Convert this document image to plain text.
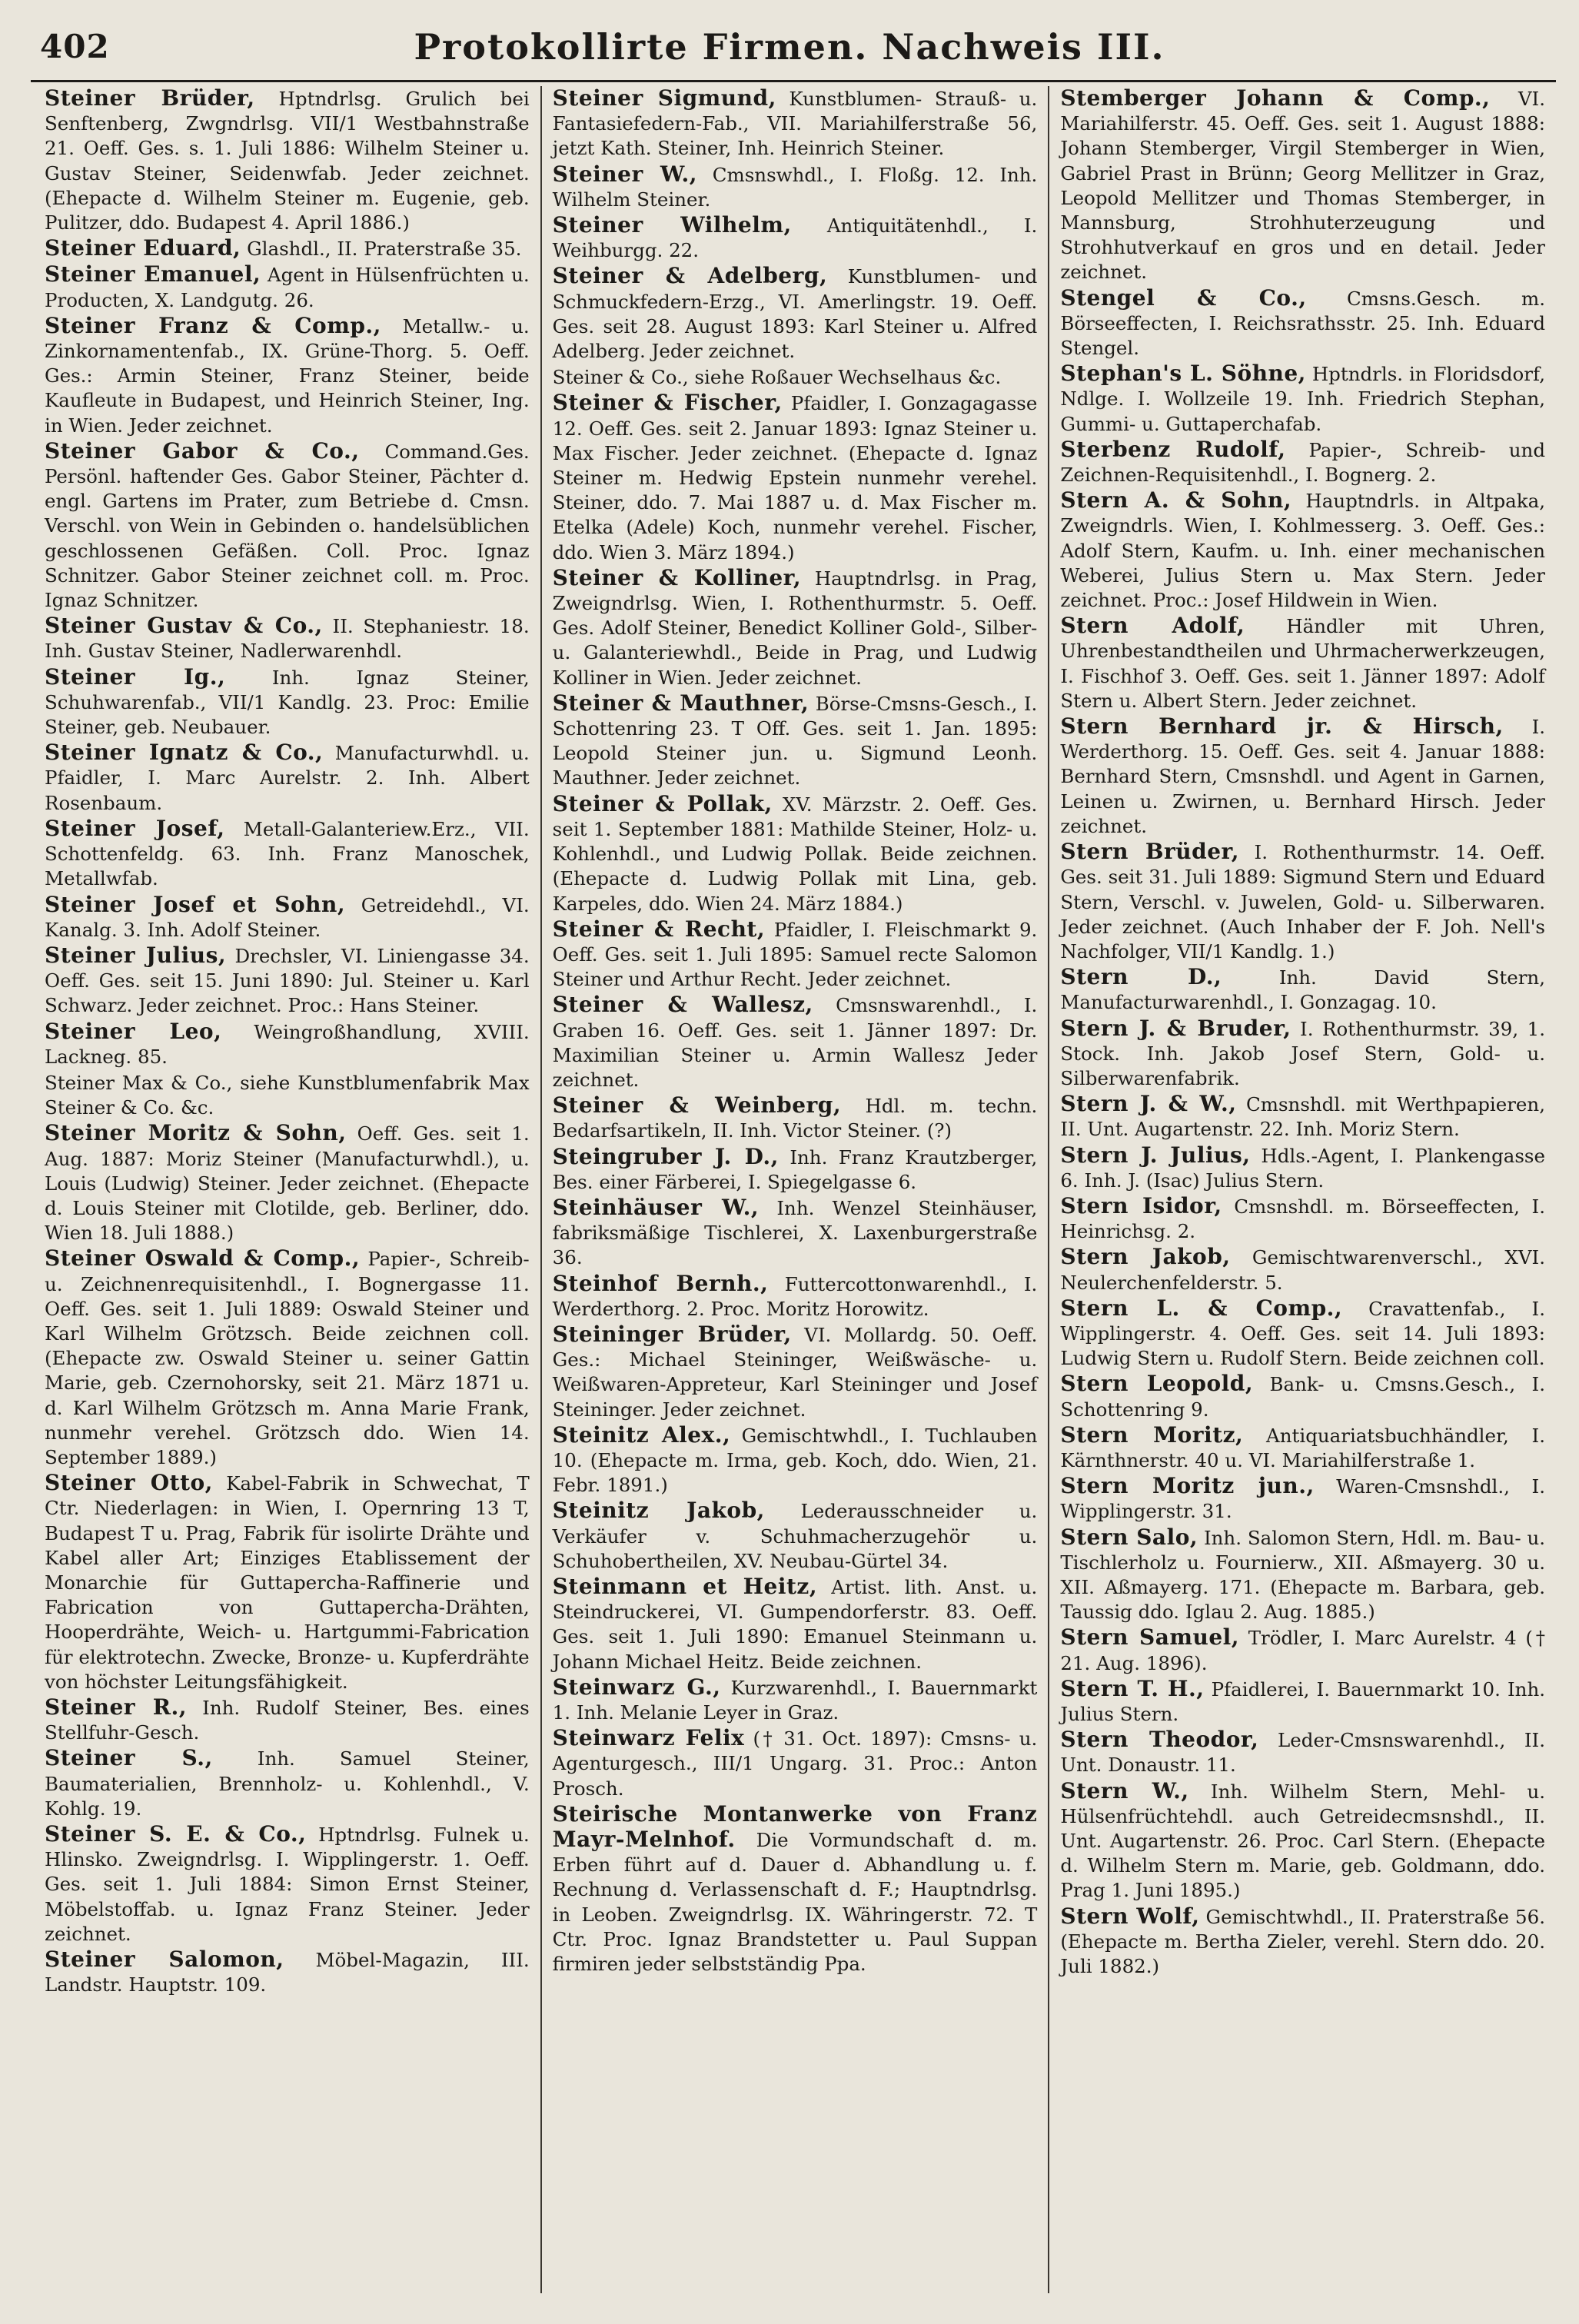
402	Protokollirte Firmen. Nachweis III.

Steiner Brüder, Hptndrlsg. Grulich bei Senftenberg, Zwgndrlsg. VII/1 Westbahnstraße 21. Oeff. Ges. s. 1. Juli 1886: Wilhelm Steiner u. Gustav Steiner, Seidenwfab. Jeder zeichnet. (Ehepacte d. Wilhelm Steiner m. Eugenie, geb. Pulitzer, ddo. Budapest 4. April 1886.)

Steiner Eduard, Glashdl., II. Praterstraße 35.

Steiner Emanuel, Agent in Hülsenfrüchten u. Producten, X. Landgutg. 26.

Steiner Franz & Comp., Metallw.- u. Zinkornamentenfab., IX. Grüne-Thorg. 5. Oeff. Ges.: Armin Steiner, Franz Steiner, beide Kaufleute in Budapest, und Heinrich Steiner, Ing. in Wien. Jeder zeichnet.

Steiner Gabor & Co., Command.Ges. Persönl. haftender Ges. Gabor Steiner, Pächter d. engl. Gartens im Prater, zum Betriebe d. Cmsn. Verschl. von Wein in Gebinden o. handelsüblichen geschlossenen Gefäßen. Coll. Proc. Ignaz Schnitzer. Gabor Steiner zeichnet coll. m. Proc. Ignaz Schnitzer.

Steiner Gustav & Co., II. Stephaniestr. 18. Inh. Gustav Steiner, Nadlerwarenhdl.

Steiner Ig., Inh. Ignaz Steiner, Schuhwarenfab., VII/1 Kandlg. 23. Proc: Emilie Steiner, geb. Neubauer.

Steiner Ignatz & Co., Manufacturwhdl. u. Pfaidler, I. Marc Aurelstr. 2. Inh. Albert Rosenbaum.

Steiner Josef, Metall-Galanteriew.Erz., VII. Schottenfeldg. 63. Inh. Franz Manoschek, Metallwfab.

Steiner Josef et Sohn, Getreidehdl., VI. Kanalg. 3. Inh. Adolf Steiner.

Steiner Julius, Drechsler, VI. Liniengasse 34. Oeff. Ges. seit 15. Juni 1890: Jul. Steiner u. Karl Schwarz. Jeder zeichnet. Proc.: Hans Steiner.

Steiner Leo, Weingroßhandlung, XVIII. Lackneg. 85.

Steiner Max & Co., siehe Kunstblumenfabrik Max Steiner & Co. &c.

Steiner Moritz & Sohn, Oeff. Ges. seit 1. Aug. 1887: Moriz Steiner (Manufacturwhdl.), u. Louis (Ludwig) Steiner. Jeder zeichnet. (Ehepacte d. Louis Steiner mit Clotilde, geb. Berliner, ddo. Wien 18. Juli 1888.)

Steiner Oswald & Comp., Papier-, Schreib- u. Zeichnenrequisitenhdl., I. Bognergasse 11. Oeff. Ges. seit 1. Juli 1889: Oswald Steiner und Karl Wilhelm Grötzsch. Beide zeichnen coll. (Ehepacte zw. Oswald Steiner u. seiner Gattin Marie, geb. Czernohorsky, seit 21. März 1871 u. d. Karl Wilhelm Grötzsch m. Anna Marie Frank, nunmehr verehel. Grötzsch ddo. Wien 14. September 1889.)

Steiner Otto, Kabel-Fabrik in Schwechat, T Ctr. Niederlagen: in Wien, I. Opernring 13 T, Budapest T u. Prag, Fabrik für isolirte Drähte und Kabel aller Art; Einziges Etablissement der Monarchie für Guttapercha-Raffinerie und Fabrication von Guttapercha-Drähten, Hooperdrähte, Weich- u. Hartgummi-Fabrication für elektrotechn. Zwecke, Bronze- u. Kupferdrähte von höchster Leitungsfähigkeit.

Steiner R., Inh. Rudolf Steiner, Bes. eines Stellfuhr-Gesch.

Steiner S., Inh. Samuel Steiner, Baumaterialien, Brennholz- u. Kohlenhdl., V. Kohlg. 19.

Steiner S. E. & Co., Hptndrlsg. Fulnek u. Hlinsko. Zweigndrlsg. I. Wipplingerstr. 1. Oeff. Ges. seit 1. Juli 1884: Simon Ernst Steiner, Möbelstoffab. u. Ignaz Franz Steiner. Jeder zeichnet.

Steiner Salomon, Möbel-Magazin, III. Landstr. Hauptstr. 109.

Steiner Sigmund, Kunstblumen- Strauß- u. Fantasiefedern-Fab., VII. Mariahilferstraße 56, jetzt Kath. Steiner, Inh. Heinrich Steiner.

Steiner W., Cmsnswhdl., I. Floßg. 12. Inh. Wilhelm Steiner.

Steiner Wilhelm, Antiquitätenhdl., I. Weihburgg. 22.

Steiner & Adelberg, Kunstblumen- und Schmuckfedern-Erzg., VI. Amerlingstr. 19. Oeff. Ges. seit 28. August 1893: Karl Steiner u. Alfred Adelberg. Jeder zeichnet.

Steiner & Co., siehe Roßauer Wechselhaus &c.

Steiner & Fischer, Pfaidler, I. Gonzagagasse 12. Oeff. Ges. seit 2. Januar 1893: Ignaz Steiner u. Max Fischer. Jeder zeichnet. (Ehepacte d. Ignaz Steiner m. Hedwig Epstein nunmehr verehel. Steiner, ddo. 7. Mai 1887 u. d. Max Fischer m. Etelka (Adele) Koch, nunmehr verehel. Fischer, ddo. Wien 3. März 1894.)

Steiner & Kolliner, Hauptndrlsg. in Prag, Zweigndrlsg. Wien, I. Rothenthurmstr. 5. Oeff. Ges. Adolf Steiner, Benedict Kolliner Gold-, Silber- u. Galanteriewhdl., Beide in Prag, und Ludwig Kolliner in Wien. Jeder zeichnet.

Steiner & Mauthner, Börse-Cmsns-Gesch., I. Schottenring 23. T Off. Ges. seit 1. Jan. 1895: Leopold Steiner jun. u. Sigmund Leonh. Mauthner. Jeder zeichnet.

Steiner & Pollak, XV. Märzstr. 2. Oeff. Ges. seit 1. September 1881: Mathilde Steiner, Holz- u. Kohlenhdl., und Ludwig Pollak. Beide zeichnen. (Ehepacte d. Ludwig Pollak mit Lina, geb. Karpeles, ddo. Wien 24. März 1884.)

Steiner & Recht, Pfaidler, I. Fleischmarkt 9. Oeff. Ges. seit 1. Juli 1895: Samuel recte Salomon Steiner und Arthur Recht. Jeder zeichnet.

Steiner & Wallesz, Cmsnswarenhdl., I. Graben 16. Oeff. Ges. seit 1. Jänner 1897: Dr. Maximilian Steiner u. Armin Wallesz Jeder zeichnet.

Steiner & Weinberg, Hdl. m. techn. Bedarfsartikeln, II. Inh. Victor Steiner. (?)

Steingruber J. D., Inh. Franz Krautzberger, Bes. einer Färberei, I. Spiegelgasse 6.

Steinhäuser W., Inh. Wenzel Steinhäuser, fabriksmäßige Tischlerei, X. Laxenburgerstraße 36.

Steinhof Bernh., Futtercottonwarenhdl., I. Werderthorg. 2. Proc. Moritz Horowitz.

Steininger Brüder, VI. Mollardg. 50. Oeff. Ges.: Michael Steininger, Weißwäsche- u. Weißwaren-Appreteur, Karl Steininger und Josef Steininger. Jeder zeichnet.

Steinitz Alex., Gemischtwhdl., I. Tuchlauben 10. (Ehepacte m. Irma, geb. Koch, ddo. Wien, 21. Febr. 1891.)

Steinitz Jakob, Lederausschneider u. Verkäufer v. Schuhmacherzugehör u. Schuhobertheilen, XV. Neubau-Gürtel 34.

Steinmann et Heitz, Artist. lith. Anst. u. Steindruckerei, VI. Gumpendorferstr. 83. Oeff. Ges. seit 1. Juli 1890: Emanuel Steinmann u. Johann Michael Heitz. Beide zeichnen.

Steinwarz G., Kurzwarenhdl., I. Bauernmarkt 1. Inh. Melanie Leyer in Graz.

Steinwarz Felix († 31. Oct. 1897): Cmsns- u. Agenturgesch., III/1 Ungarg. 31. Proc.: Anton Prosch.

Steirische Montanwerke von Franz Mayr-Melnhof. Die Vormundschaft d. m. Erben führt auf d. Dauer d. Abhandlung u. f. Rechnung d. Verlassenschaft d. F.; Hauptndrlsg. in Leoben. Zweigndrlsg. IX. Währingerstr. 72. T Ctr. Proc. Ignaz Brandstetter u. Paul Suppan firmiren jeder selbstständig Ppa.

Stemberger Johann & Comp., VI. Mariahilferstr. 45. Oeff. Ges. seit 1. August 1888: Johann Stemberger, Virgil Stemberger in Wien, Gabriel Prast in Brünn; Georg Mellitzer in Graz, Leopold Mellitzer und Thomas Stemberger, in Mannsburg, Strohhuterzeugung und Strohhutverkauf en gros und en detail. Jeder zeichnet.

Stengel & Co., Cmsns.Gesch. m. Börseeffecten, I. Reichsrathsstr. 25. Inh. Eduard Stengel.

Stephan's L. Söhne, Hptndrls. in Floridsdorf, Ndlge. I. Wollzeile 19. Inh. Friedrich Stephan, Gummi- u. Guttaperchafab.

Sterbenz Rudolf, Papier-, Schreib- und Zeichnen-Requisitenhdl., I. Bognerg. 2.

Stern A. & Sohn, Hauptndrls. in Altpaka, Zweigndrls. Wien, I. Kohlmesserg. 3. Oeff. Ges.: Adolf Stern, Kaufm. u. Inh. einer mechanischen Weberei, Julius Stern u. Max Stern. Jeder zeichnet. Proc.: Josef Hildwein in Wien.

Stern Adolf, Händler mit Uhren, Uhrenbestandtheilen und Uhrmacherwerkzeugen, I. Fischhof 3. Oeff. Ges. seit 1. Jänner 1897: Adolf Stern u. Albert Stern. Jeder zeichnet.

Stern Bernhard jr. & Hirsch, I. Werderthorg. 15. Oeff. Ges. seit 4. Januar 1888: Bernhard Stern, Cmsnshdl. und Agent in Garnen, Leinen u. Zwirnen, u. Bernhard Hirsch. Jeder zeichnet.

Stern Brüder, I. Rothenthurmstr. 14. Oeff. Ges. seit 31. Juli 1889: Sigmund Stern und Eduard Stern, Verschl. v. Juwelen, Gold- u. Silberwaren. Jeder zeichnet. (Auch Inhaber der F. Joh. Nell's Nachfolger, VII/1 Kandlg. 1.)

Stern D.,	Inh. David Stern, Manufacturwarenhdl., I. Gonzagag. 10.

Stern J. & Bruder, I. Rothenthurmstr. 39, 1. Stock. Inh. Jakob Josef Stern, Gold- u. Silberwarenfabrik.

Stern J. & W., Cmsnshdl. mit Werthpapieren, II. Unt. Augartenstr. 22. Inh. Moriz Stern.

Stern J. Julius, Hdls.-Agent, I. Plankengasse 6. Inh. J. (Isac) Julius Stern.

Stern Isidor, Cmsnshdl. m. Börseeffecten, I. Heinrichsg. 2.

Stern Jakob, Gemischtwarenverschl., XVI. Neulerchenfelderstr. 5.

Stern L. & Comp., Cravattenfab., I. Wipplingerstr. 4. Oeff. Ges. seit 14. Juli 1893: Ludwig Stern u. Rudolf Stern. Beide zeichnen coll.

Stern Leopold, Bank- u. Cmsns.Gesch., I. Schottenring 9.

Stern Moritz, Antiquariatsbuchhändler, I. Kärnthnerstr. 40 u. VI. Mariahilferstraße 1.

Stern Moritz jun., Waren-Cmsnshdl., I. Wipplingerstr. 31.

Stern Salo, Inh. Salomon Stern, Hdl. m. Bau- u. Tischlerholz u. Fournierw., XII. Aßmayerg. 30 u. XII. Aßmayerg. 171. (Ehepacte m. Barbara, geb. Taussig ddo. Iglau 2. Aug. 1885.)

Stern Samuel, Trödler, I. Marc Aurelstr. 4 († 21. Aug. 1896).

Stern T. H., Pfaidlerei, I. Bauernmarkt 10. Inh. Julius Stern.

Stern Theodor, Leder-Cmsnswarenhdl., II. Unt. Donaustr. 11.

Stern W., Inh. Wilhelm Stern, Mehl- u. Hülsenfrüchtehdl. auch Getreidecmsnshdl., II. Unt. Augartenstr. 26. Proc. Carl Stern. (Ehepacte d. Wilhelm Stern m. Marie, geb. Goldmann, ddo. Prag 1. Juni 1895.)

Stern Wolf, Gemischtwhdl., II. Praterstraße 56. (Ehepacte m. Bertha Zieler, verehl. Stern ddo. 20. Juli 1882.)
